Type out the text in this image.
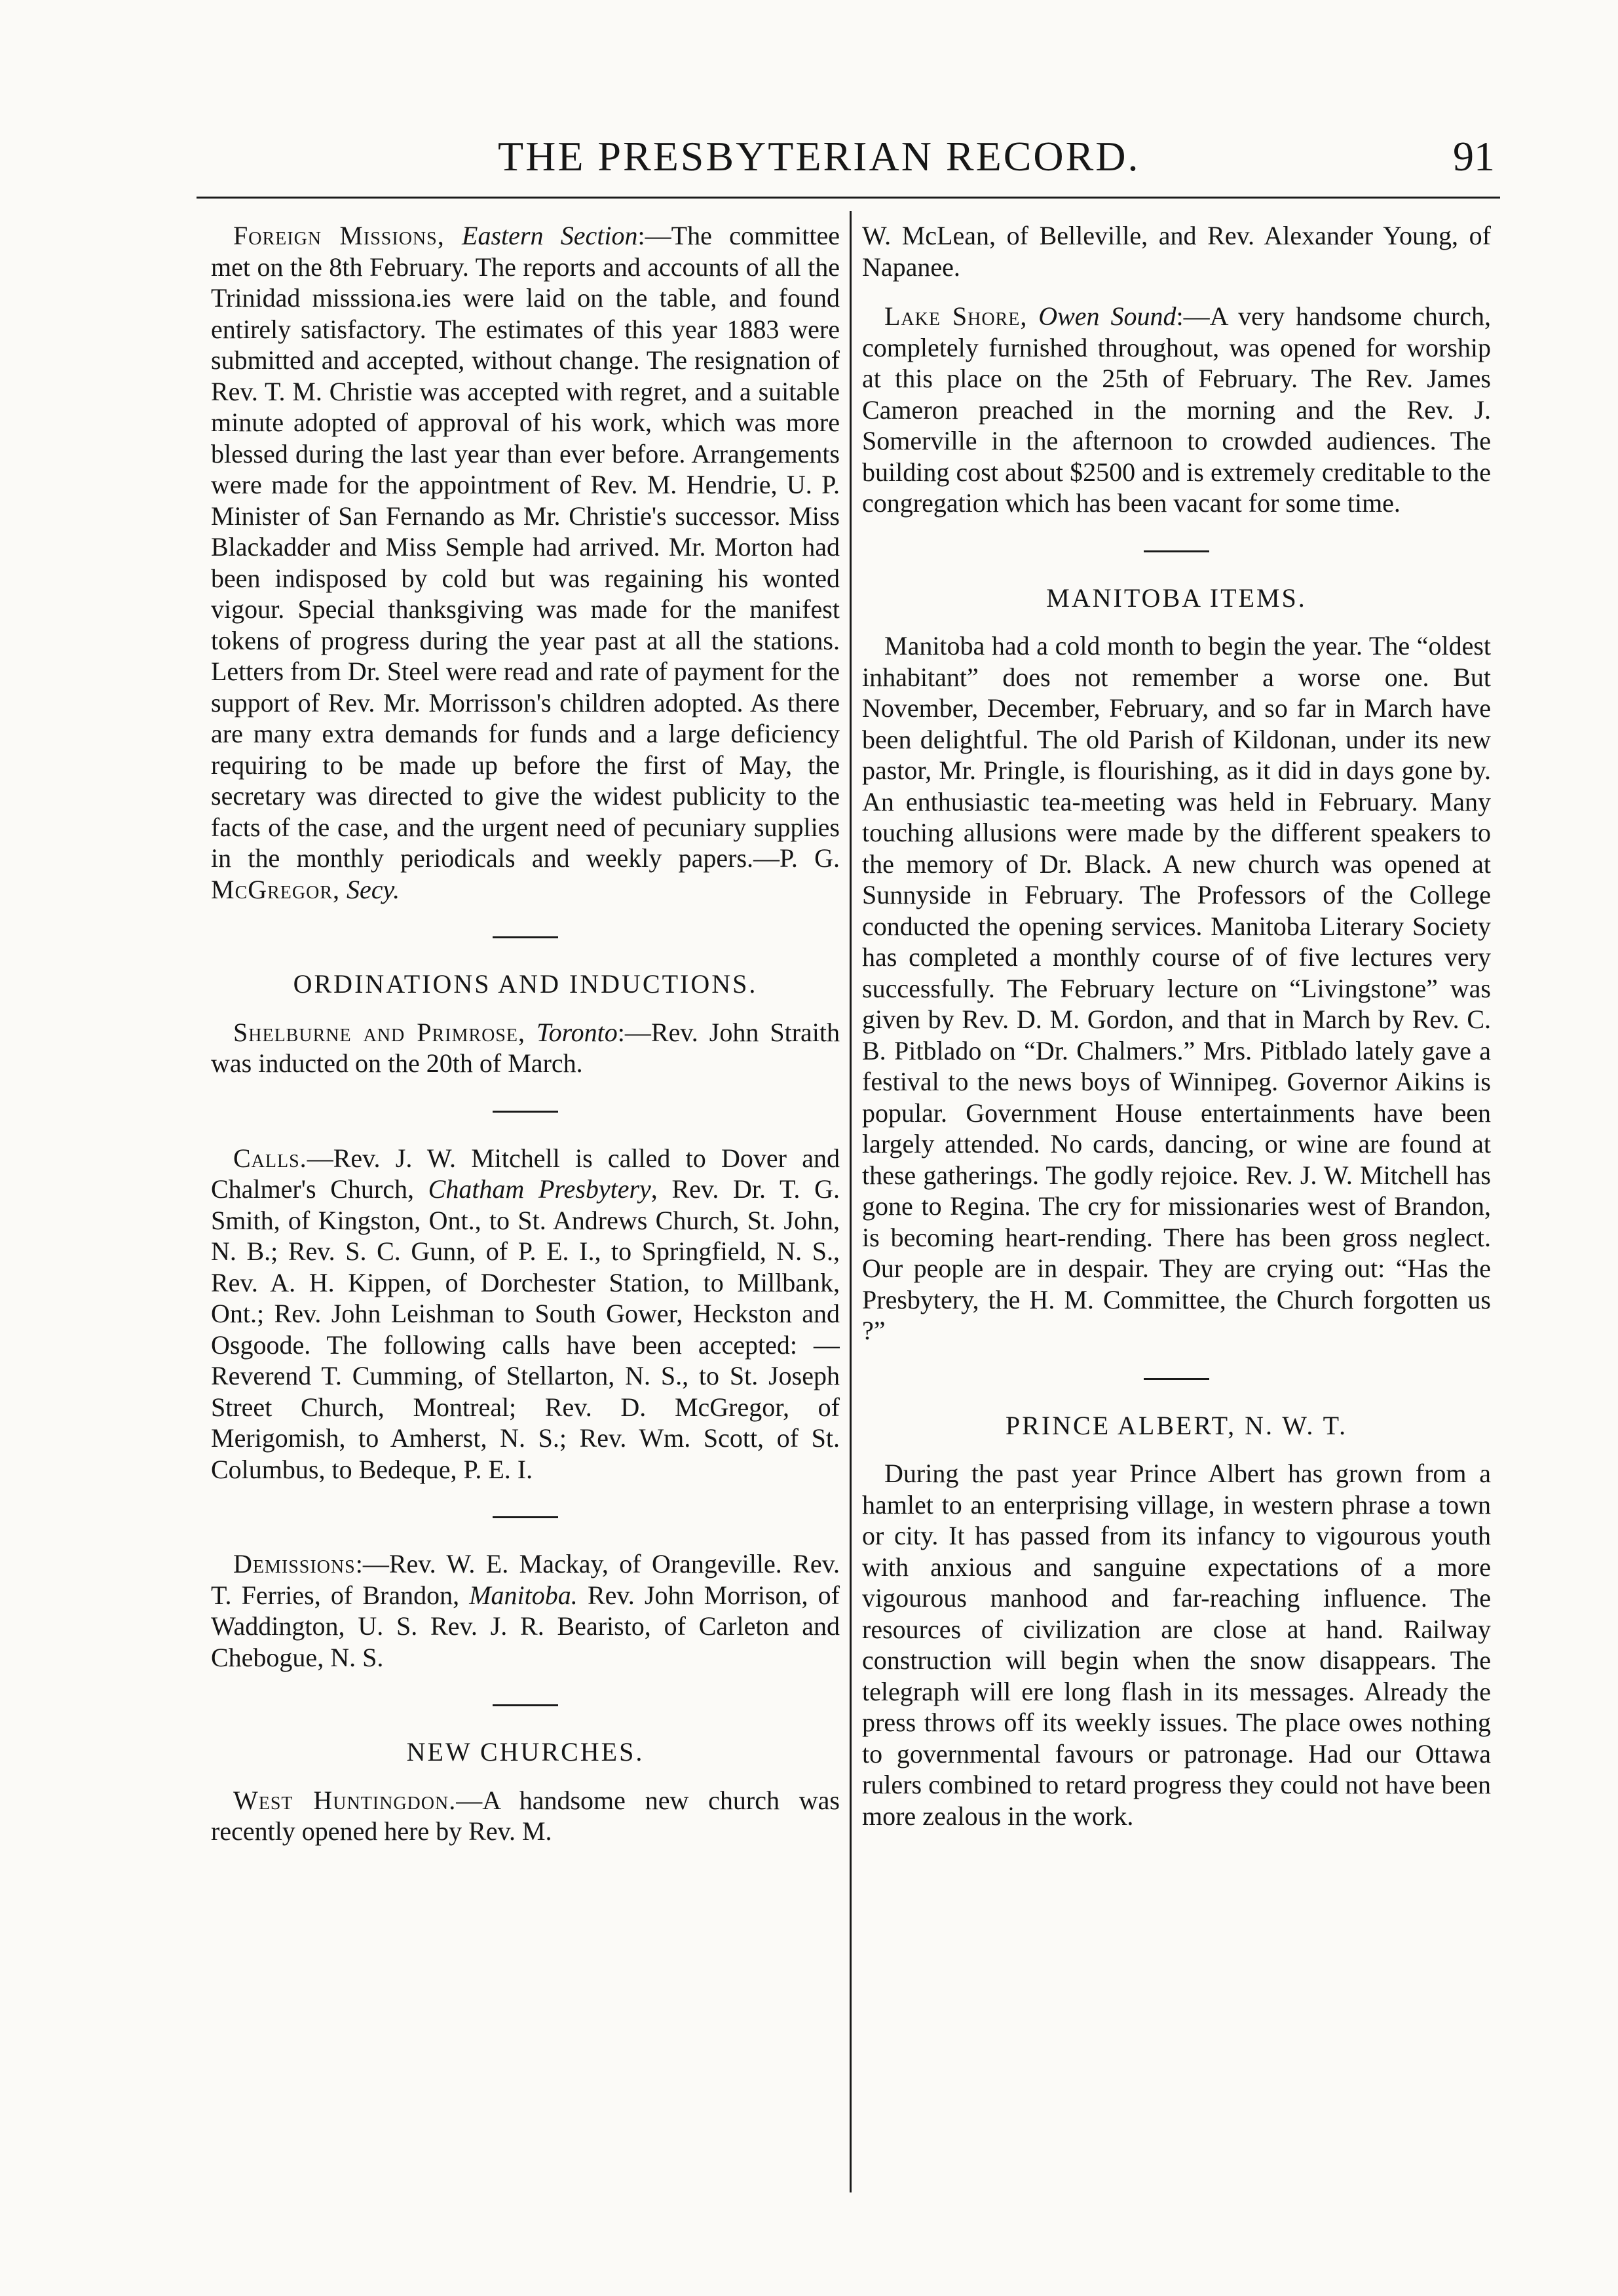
THE PRESBYTERIAN RECORD.	91

Foreign Missions, Eastern Section:—The committee met on the 8th February. The reports and accounts of all the Trinidad misssiona.ies were laid on the table, and found entirely satisfactory. The estimates of this year 1883 were submitted and accepted, without change. The resignation of Rev. T. M. Christie was accepted with regret, and a suitable minute adopted of approval of his work, which was more blessed during the last year than ever before. Arrangements were made for the appointment of Rev. M. Hendrie, U. P. Minister of San Fernando as Mr. Christie's successor. Miss Blackadder and Miss Semple had arrived. Mr. Morton had been indisposed by cold but was regaining his wonted vigour. Special thanksgiving was made for the manifest tokens of progress during the year past at all the stations. Letters from Dr. Steel were read and rate of payment for the support of Rev. Mr. Morrisson's children adopted. As there are many extra demands for funds and a large deficiency requiring to be made up before the first of May, the secretary was directed to give the widest publicity to the facts of the case, and the urgent need of pecuniary supplies in the monthly periodicals and weekly papers.—P. G. McGregor, Secy.

ORDINATIONS AND INDUCTIONS.

Shelburne and Primrose, Toronto:—Rev. John Straith was inducted on the 20th of March.

Calls.—Rev. J. W. Mitchell is called to Dover and Chalmer's Church, Chatham Presbytery, Rev. Dr. T. G. Smith, of Kingston, Ont., to St. Andrews Church, St. John, N. B.; Rev. S. C. Gunn, of P. E. I., to Springfield, N. S., Rev. A. H. Kippen, of Dorchester Station, to Millbank, Ont.; Rev. John Leishman to South Gower, Heckston and Osgoode. The following calls have been accepted: —Reverend T. Cumming, of Stellarton, N. S., to St. Joseph Street Church, Montreal; Rev. D. McGregor, of Merigomish, to Amherst, N. S.; Rev. Wm. Scott, of St. Columbus, to Bedeque, P. E. I.

Demissions:—Rev. W. E. Mackay, of Orangeville. Rev. T. Ferries, of Brandon, Manitoba. Rev. John Morrison, of Waddington, U. S. Rev. J. R. Bearisto, of Carleton and Chebogue, N. S.

NEW CHURCHES.

West Huntingdon.—A handsome new church was recently opened here by Rev. M.

W. McLean, of Belleville, and Rev. Alexander Young, of Napanee.

Lake Shore, Owen Sound:—A very handsome church, completely furnished throughout, was opened for worship at this place on the 25th of February. The Rev. James Cameron preached in the morning and the Rev. J. Somerville in the afternoon to crowded audiences. The building cost about $2500 and is extremely creditable to the congregation which has been vacant for some time.

MANITOBA ITEMS.

Manitoba had a cold month to begin the year. The “oldest inhabitant” does not remember a worse one. But November, December, February, and so far in March have been delightful. The old Parish of Kildonan, under its new pastor, Mr. Pringle, is flourishing, as it did in days gone by. An enthusiastic tea-meeting was held in February. Many touching allusions were made by the different speakers to the memory of Dr. Black. A new church was opened at Sunnyside in February. The Professors of the College conducted the opening services. Manitoba Literary Society has completed a monthly course of of five lectures very successfully. The February lecture on “Livingstone” was given by Rev. D. M. Gordon, and that in March by Rev. C. B. Pitblado on “Dr. Chalmers.” Mrs. Pitblado lately gave a festival to the news boys of Winnipeg. Governor Aikins is popular. Government House entertainments have been largely attended. No cards, dancing, or wine are found at these gatherings. The godly rejoice. Rev. J. W. Mitchell has gone to Regina. The cry for missionaries west of Brandon, is becoming heart-rending. There has been gross neglect. Our people are in despair. They are crying out: “Has the Presbytery, the H. M. Committee, the Church forgotten us ?”

PRINCE ALBERT, N. W. T.

During the past year Prince Albert has grown from a hamlet to an enterprising village, in western phrase a town or city. It has passed from its infancy to vigourous youth with anxious and sanguine expectations of a more vigourous manhood and far-reaching influence. The resources of civilization are close at hand. Railway construction will begin when the snow disappears. The telegraph will ere long flash in its messages. Already the press throws off its weekly issues. The place owes nothing to governmental favours or patronage. Had our Ottawa rulers combined to retard progress they could not have been more zealous in the work.
